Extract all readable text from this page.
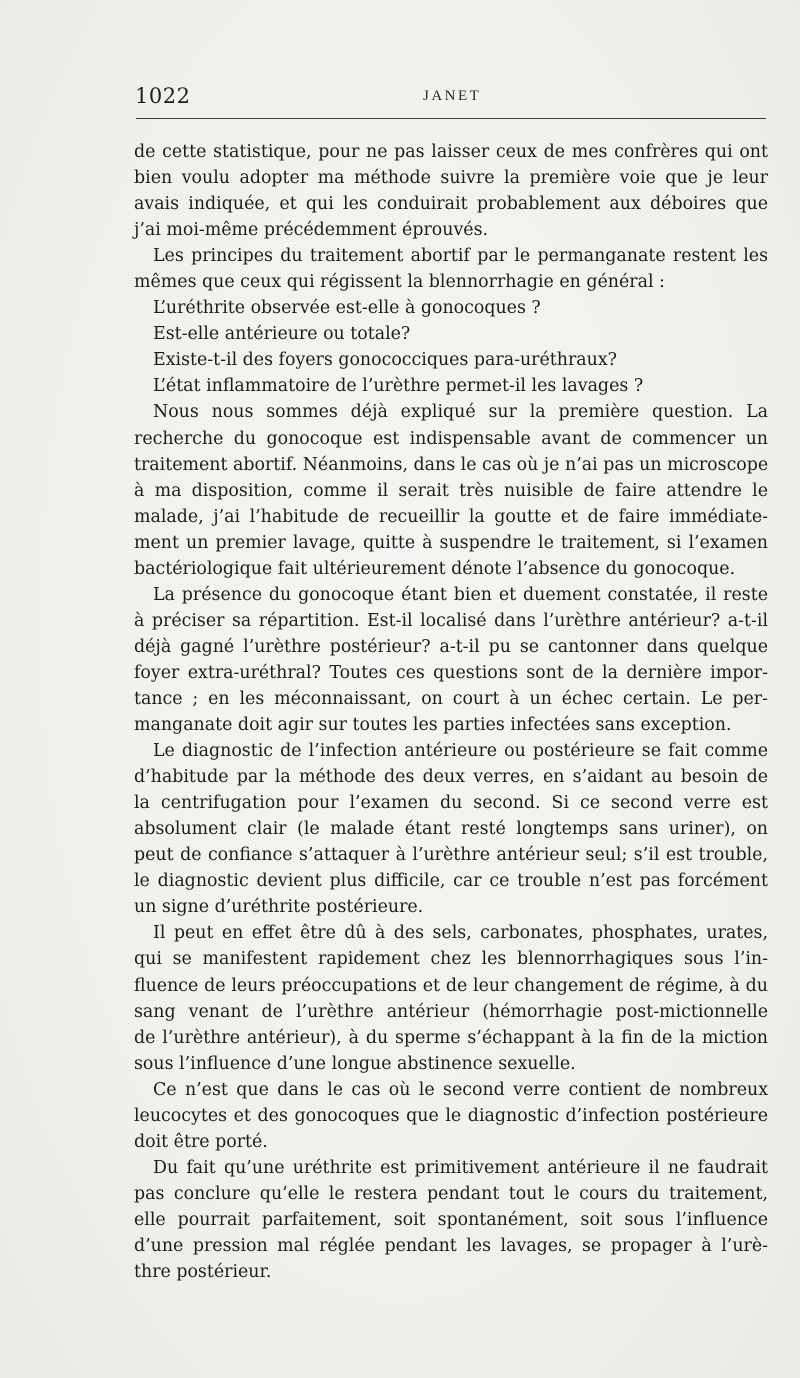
1022	JANET
de cette statistique, pour ne pas laisser ceux de mes confrères qui ont
bien voulu adopter ma méthode suivre la première voie que je leur
avais indiquée, et qui les conduirait probablement aux déboires que
j’ai moi-même précédemment éprouvés.
Les principes du traitement abortif par le permanganate restent les
mêmes que ceux qui régissent la blennorrhagie en général :
L’uréthrite observée est-elle à gonocoques ?
Est-elle antérieure ou totale?
Existe-t-il des foyers gonococciques para-uréthraux?
L’état inflammatoire de l’urèthre permet-il les lavages ?
Nous nous sommes déjà expliqué sur la première question. La
recherche du gonocoque est indispensable avant de commencer un
traitement abortif. Néanmoins, dans le cas où je n’ai pas un microscope
à ma disposition, comme il serait très nuisible de faire attendre le
malade, j’ai l’habitude de recueillir la goutte et de faire immédiate-
ment un premier lavage, quitte à suspendre le traitement, si l’examen
bactériologique fait ultérieurement dénote l’absence du gonocoque.
La présence du gonocoque étant bien et duement constatée, il reste
à préciser sa répartition. Est-il localisé dans l’urèthre antérieur? a-t-il
déjà gagné l’urèthre postérieur? a-t-il pu se cantonner dans quelque
foyer extra-uréthral? Toutes ces questions sont de la dernière impor-
tance ; en les méconnaissant, on court à un échec certain. Le per-
manganate doit agir sur toutes les parties infectées sans exception.
Le diagnostic de l’infection antérieure ou postérieure se fait comme
d’habitude par la méthode des deux verres, en s’aidant au besoin de
la centrifugation pour l’examen du second. Si ce second verre est
absolument clair (le malade étant resté longtemps sans uriner), on
peut de confiance s’attaquer à l’urèthre antérieur seul; s’il est trouble,
le diagnostic devient plus difficile, car ce trouble n’est pas forcément
un signe d’uréthrite postérieure.
Il peut en effet être dû à des sels, carbonates, phosphates, urates,
qui se manifestent rapidement chez les blennorrhagiques sous l’in-
fluence de leurs préoccupations et de leur changement de régime, à du
sang venant de l’urèthre antérieur (hémorrhagie post-mictionnelle
de l’urèthre antérieur), à du sperme s’échappant à la fin de la miction
sous l’influence d’une longue abstinence sexuelle.
Ce n’est que dans le cas où le second verre contient de nombreux
leucocytes et des gonocoques que le diagnostic d’infection postérieure
doit être porté.
Du fait qu’une uréthrite est primitivement antérieure il ne faudrait
pas conclure qu’elle le restera pendant tout le cours du traitement,
elle pourrait parfaitement, soit spontanément, soit sous l’influence
d’une pression mal réglée pendant les lavages, se propager à l’urè-
thre postérieur.
